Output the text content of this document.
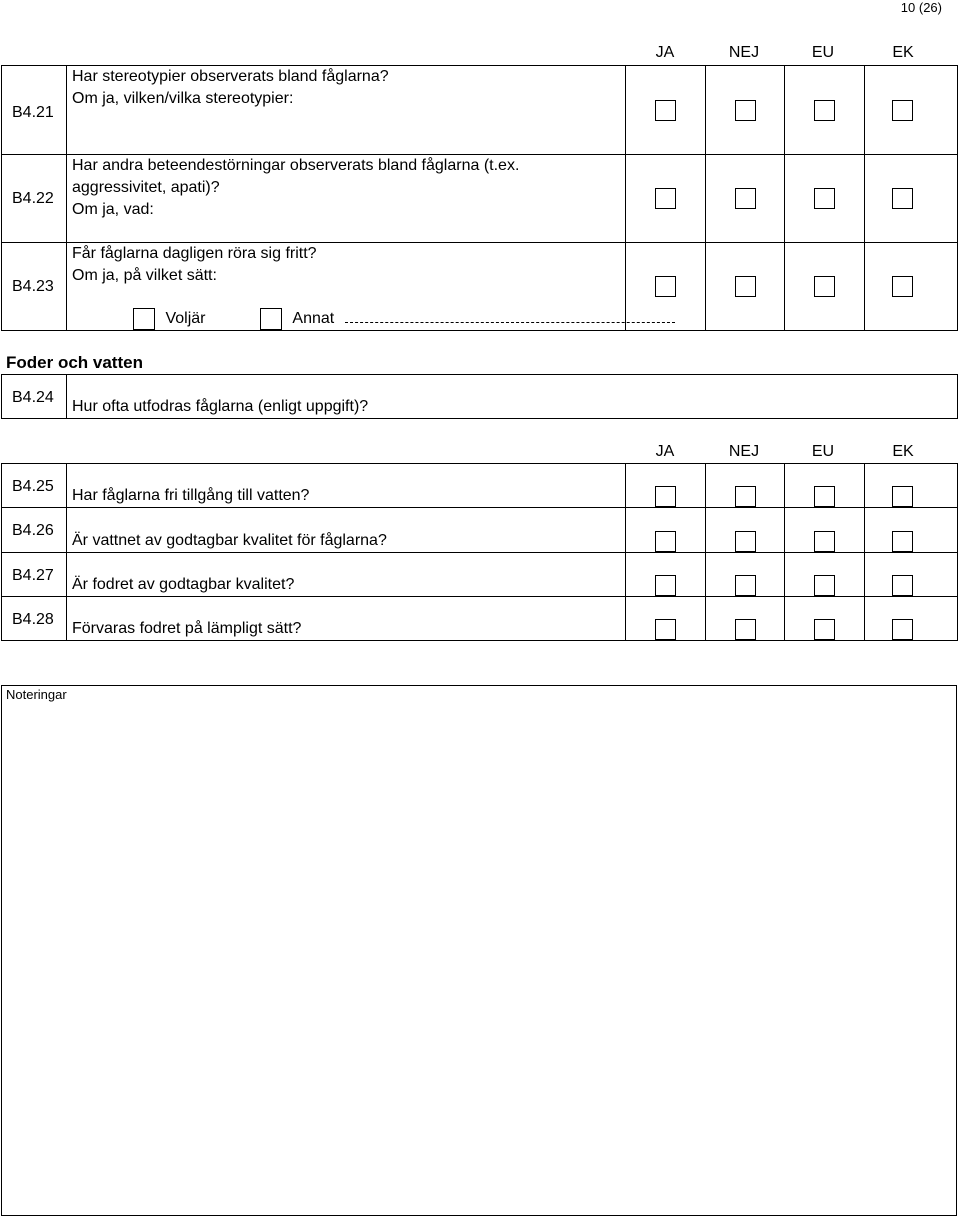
10 (26)
JA	NEJ	EU	EK
B4.21	Har stereotypier observerats bland fåglarna?
Om ja, vilken/vilka stereotypier:				

B4.22	Har andra beteendestörningar observerats bland fåglarna (t.ex.
aggressivitet, apati)?
Om ja, vad:				

B4.23	Får fåglarna dagligen röra sig fritt?
Om ja, på vilket sätt:
Voljär Annat				

Foder och vatten
B4.24	Hur ofta utfodras fåglarna (enligt uppgift)?
JA	NEJ	EU	EK
B4.25	Har fåglarna fri tillgång till vatten?	

B4.26	Är vattnet av godtagbar kvalitet för fåglarna?	

B4.27	Är fodret av godtagbar kvalitet?	

B4.28	Förvaras fodret på lämpligt sätt?	

Noteringar
